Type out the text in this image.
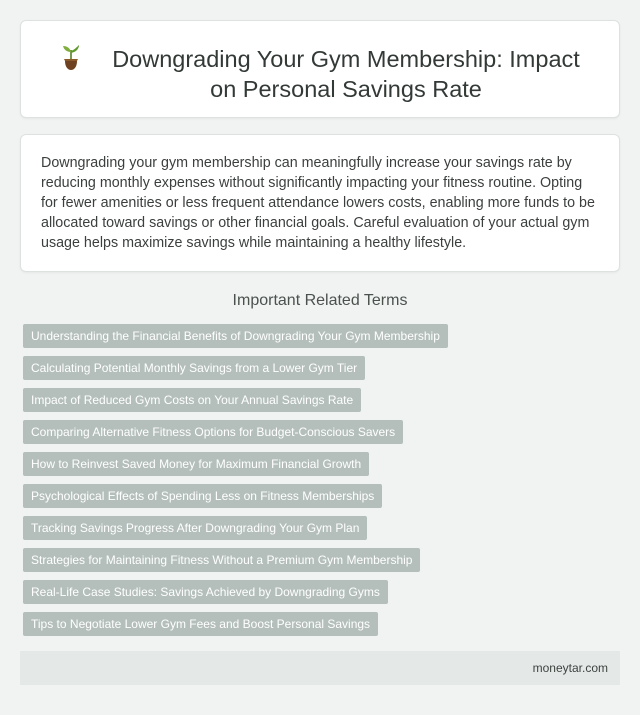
Downgrading Your Gym Membership: Impact on Personal Savings Rate

Downgrading your gym membership can meaningfully increase your savings rate by reducing monthly expenses without significantly impacting your fitness routine. Opting for fewer amenities or less frequent attendance lowers costs, enabling more funds to be allocated toward savings or other financial goals. Careful evaluation of your actual gym usage helps maximize savings while maintaining a healthy lifestyle.

Important Related Terms
Understanding the Financial Benefits of Downgrading Your Gym Membership
Calculating Potential Monthly Savings from a Lower Gym Tier
Impact of Reduced Gym Costs on Your Annual Savings Rate
Comparing Alternative Fitness Options for Budget-Conscious Savers
How to Reinvest Saved Money for Maximum Financial Growth
Psychological Effects of Spending Less on Fitness Memberships
Tracking Savings Progress After Downgrading Your Gym Plan
Strategies for Maintaining Fitness Without a Premium Gym Membership
Real-Life Case Studies: Savings Achieved by Downgrading Gyms
Tips to Negotiate Lower Gym Fees and Boost Personal Savings
moneytar.com
